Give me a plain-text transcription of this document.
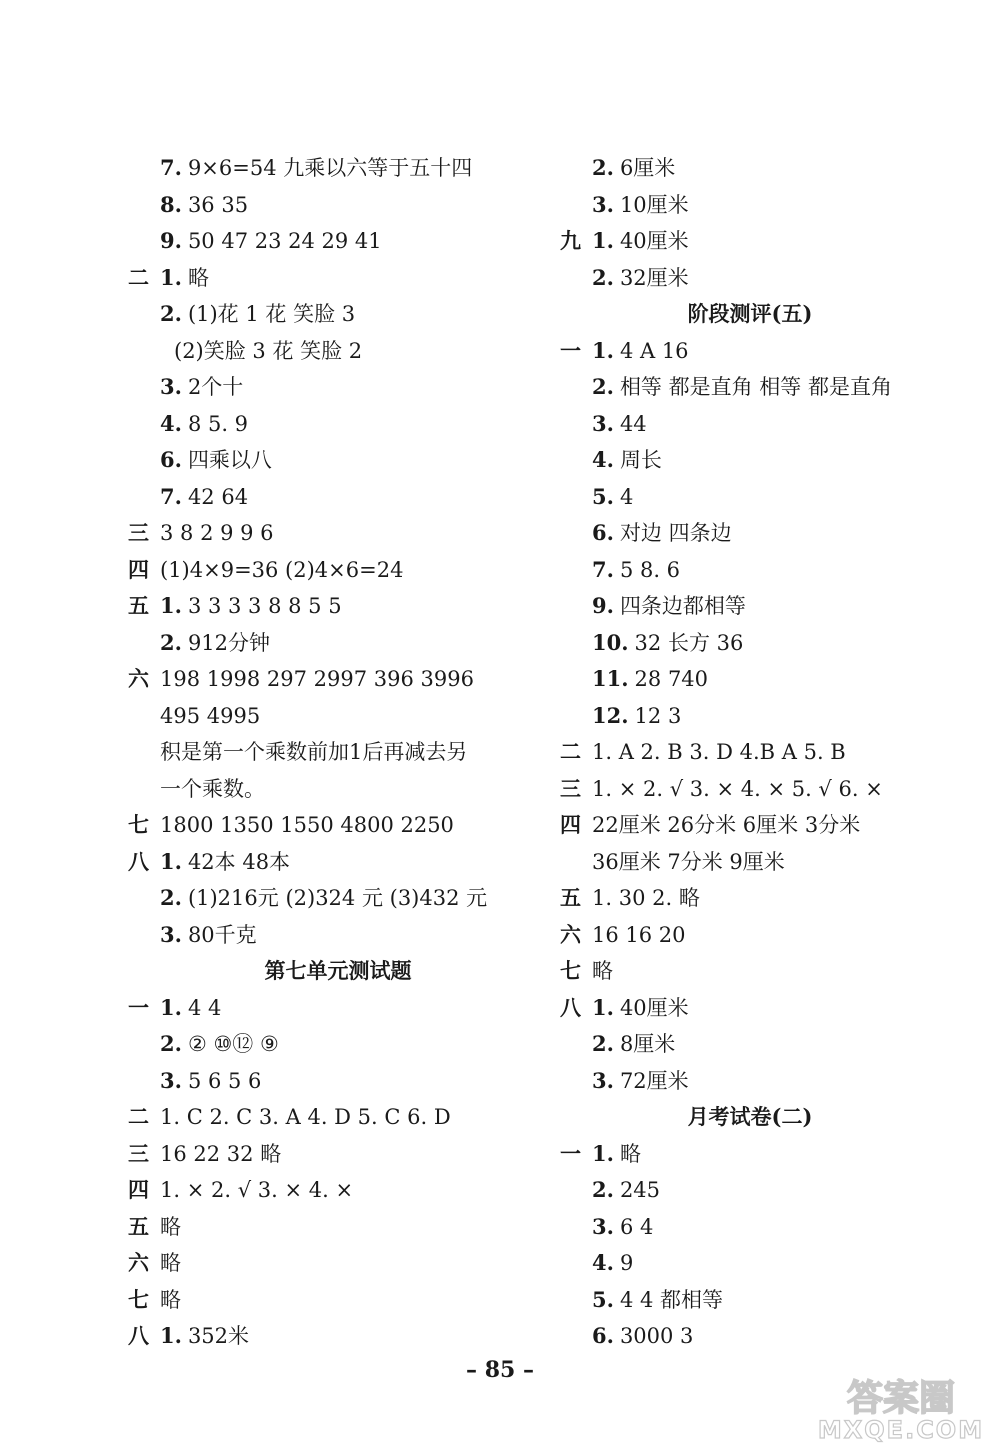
7. 9×6=54 九乘以六等于五十四
8. 36 35
9. 50 47 23 24 29 41
二 1. 略
2. (1)花 1 花 笑脸 3
(2)笑脸 3 花 笑脸 2
3. 2个十
4. 8 5. 9
6. 四乘以八
7. 42 64
三 3 8 2 9 9 6
四 (1)4×9=36 (2)4×6=24
五 1. 3 3 3 3 8 8 5 5
2. 912分钟
六 198 1998 297 2997 396 3996
495 4995
积是第一个乘数前加1后再减去另
一个乘数。
七 1800 1350 1550 4800 2250
八 1. 42本 48本
2. (1)216元 (2)324 元 (3)432 元
3. 80千克
第七单元测试题
一 1. 4 4
2. ② ⑩⑫ ⑨
3. 5 6 5 6
二 1. C 2. C 3. A 4. D 5. C 6. D
三 16 22 32 略
四 1. × 2. √ 3. × 4. ×
五 略
六 略
七 略
八 1. 352米
2. 6厘米
3. 10厘米
九 1. 40厘米
2. 32厘米
阶段测评(五)
一 1. 4 A 16
2. 相等 都是直角 相等 都是直角
3. 44
4. 周长
5. 4
6. 对边 四条边
7. 5 8. 6
9. 四条边都相等
10. 32 长方 36
11. 28 740
12. 12 3
二 1. A 2. B 3. D 4.B A 5. B
三 1. × 2. √ 3. × 4. × 5. √ 6. ×
四 22厘米 26分米 6厘米 3分米
36厘米 7分米 9厘米
五 1. 30 2. 略
六 16 16 20
七 略
八 1. 40厘米
2. 8厘米
3. 72厘米
月考试卷(二)
一 1. 略
2. 245
3. 6 4
4. 9
5. 4 4 都相等
6. 3000 3
– 85 –
答案圈
MXQE.COM
